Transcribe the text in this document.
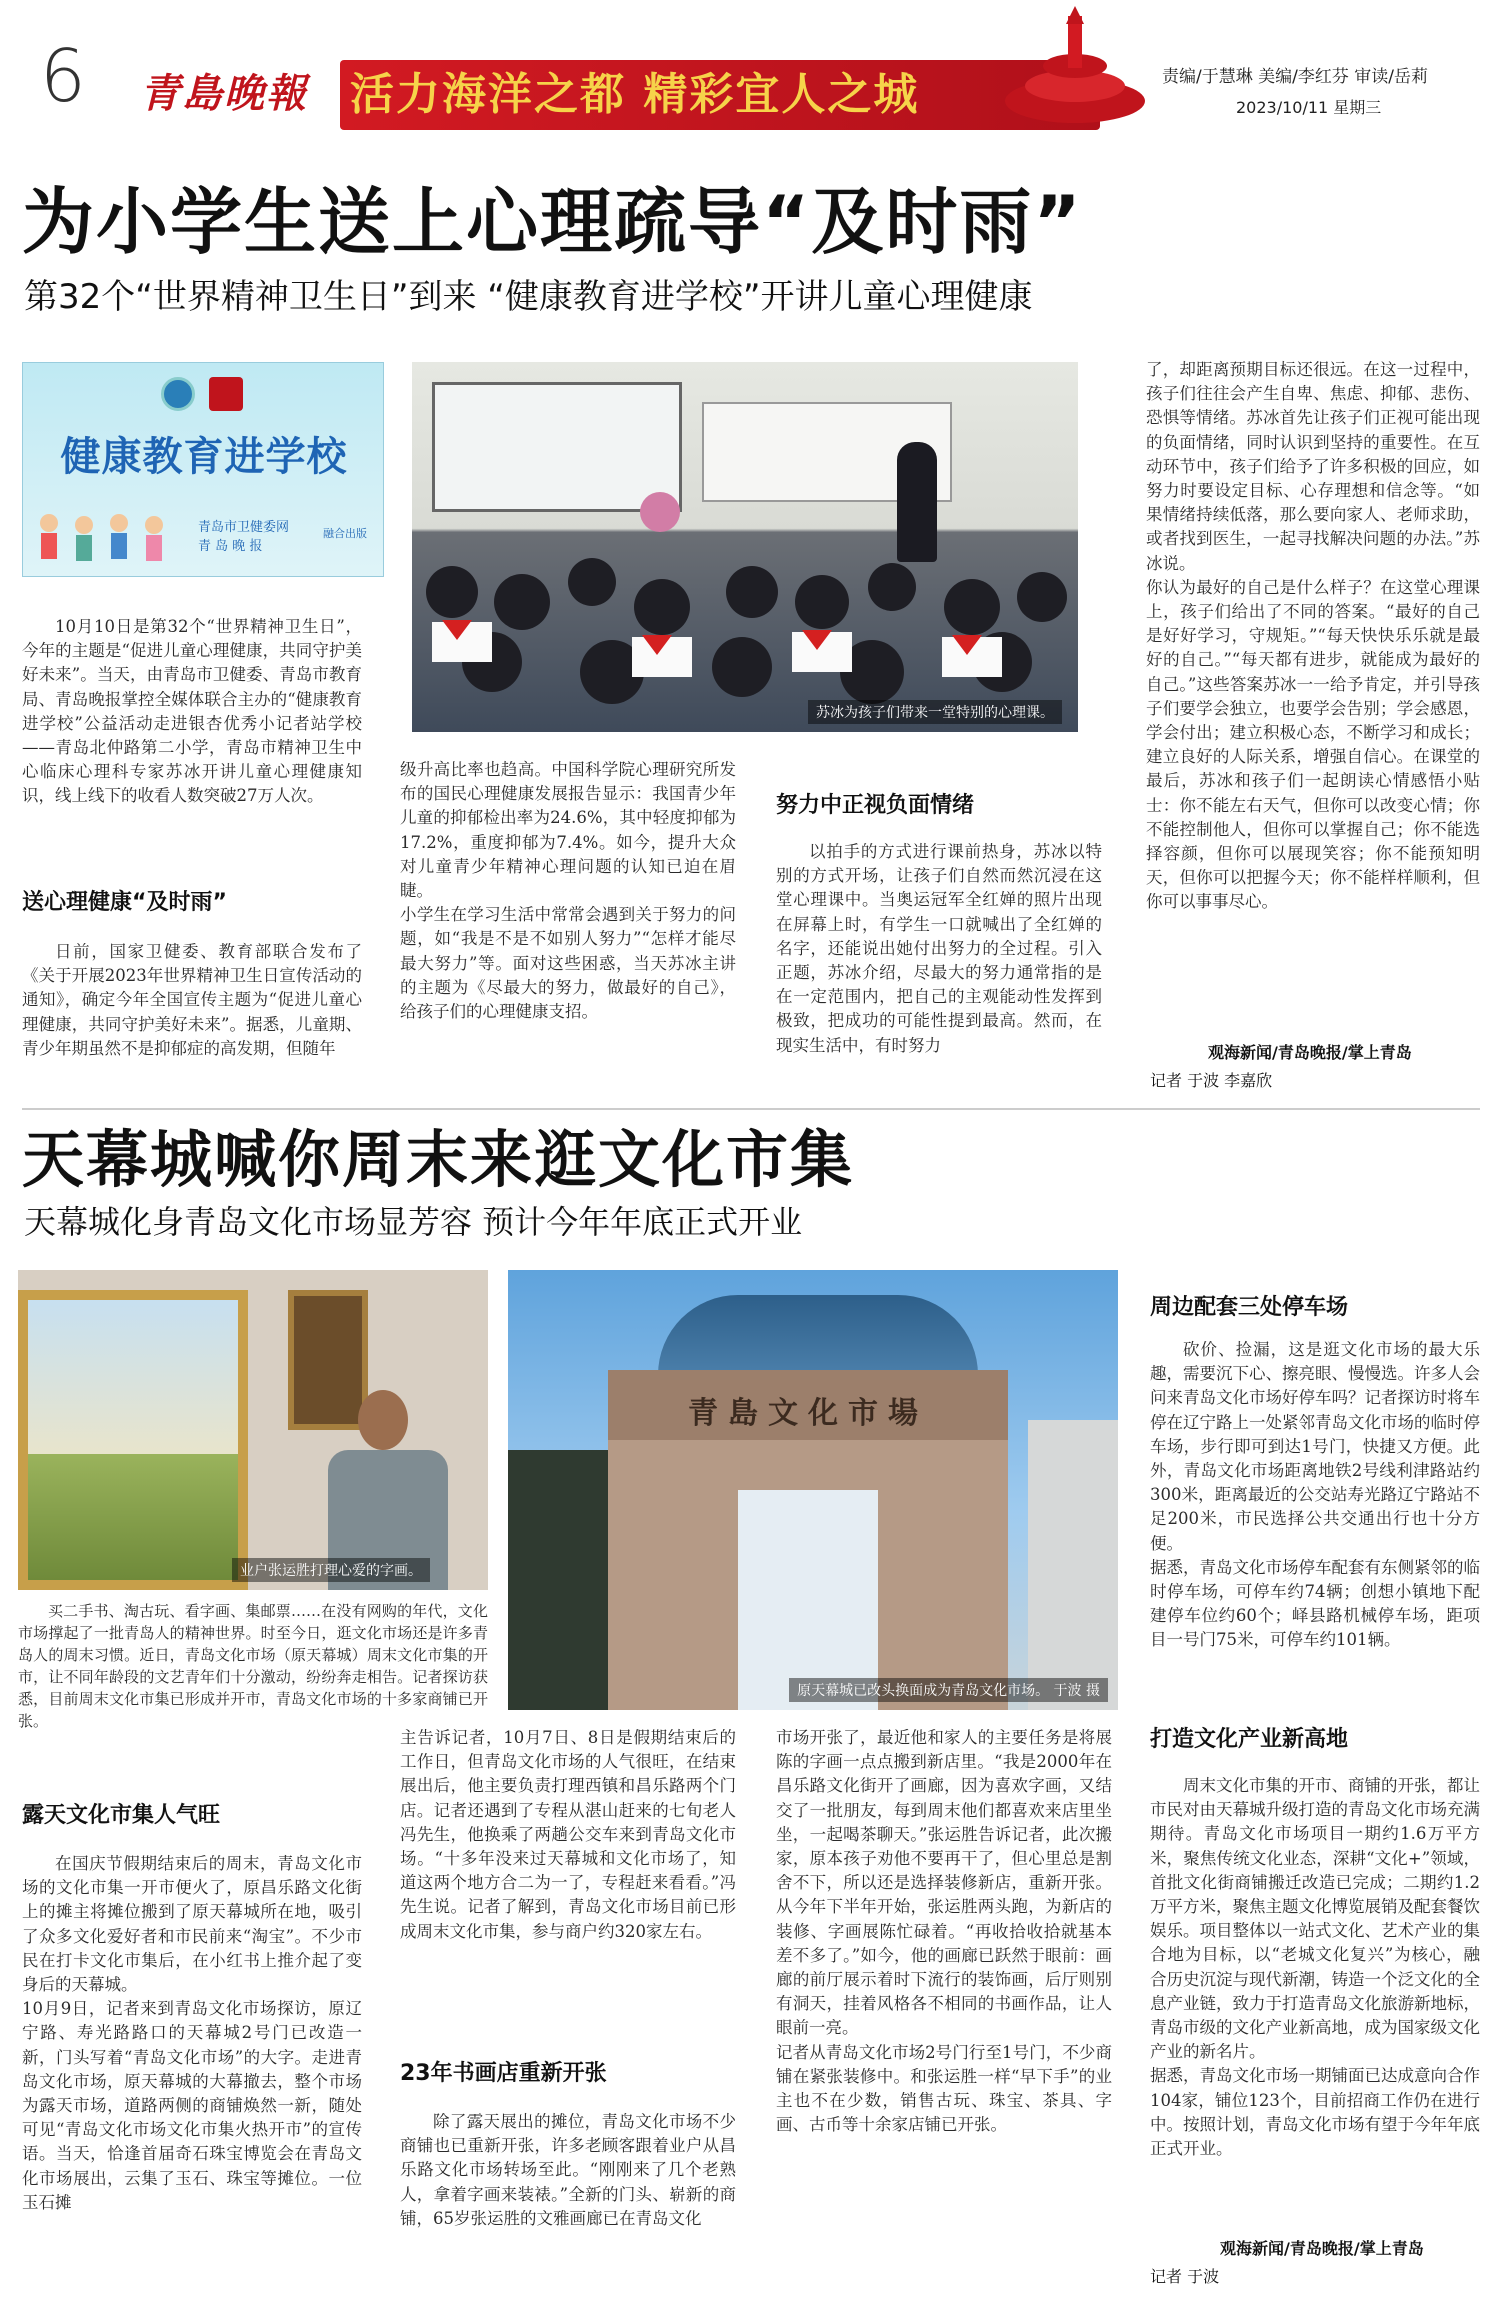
6 青島晚報 活力海洋之都 精彩宜人之城	责编/于慧琳 美编/李红芬 审读/岳莉
2023/10/11 星期三
为小学生送上心理疏导“及时雨”
第32个“世界精神卫生日”到来 “健康教育进学校”开讲儿童心理健康
健康教育进学校
青岛市卫健委网
青 岛 晚 报
融合出版
苏冰为孩子们带来一堂特别的心理课。
10月10日是第32个“世界精神卫生日”，今年的主题是“促进儿童心理健康，共同守护美好未来”。当天，由青岛市卫健委、青岛市教育局、青岛晚报掌控全媒体联合主办的“健康教育进学校”公益活动走进银杏优秀小记者站学校——青岛北仲路第二小学，青岛市精神卫生中心临床心理科专家苏冰开讲儿童心理健康知识，线上线下的收看人数突破27万人次。
送心理健康“及时雨”
日前，国家卫健委、教育部联合发布了《关于开展2023年世界精神卫生日宣传活动的通知》，确定今年全国宣传主题为“促进儿童心理健康，共同守护美好未来”。据悉，儿童期、青少年期虽然不是抑郁症的高发期，但随年
级升高比率也趋高。中国科学院心理研究所发布的国民心理健康发展报告显示：我国青少年儿童的抑郁检出率为24.6%，其中轻度抑郁为17.2%，重度抑郁为7.4%。如今，提升大众对儿童青少年精神心理问题的认知已迫在眉睫。
小学生在学习生活中常常会遇到关于努力的问题，如“我是不是不如别人努力”“怎样才能尽最大努力”等。面对这些困惑，当天苏冰主讲的主题为《尽最大的努力，做最好的自己》，给孩子们的心理健康支招。
努力中正视负面情绪
以拍手的方式进行课前热身，苏冰以特别的方式开场，让孩子们自然而然沉浸在这堂心理课中。当奥运冠军全红婵的照片出现在屏幕上时，有学生一口就喊出了全红婵的名字，还能说出她付出努力的全过程。引入正题，苏冰介绍，尽最大的努力通常指的是在一定范围内，把自己的主观能动性发挥到极致，把成功的可能性提到最高。然而，在现实生活中，有时努力
了，却距离预期目标还很远。在这一过程中，孩子们往往会产生自卑、焦虑、抑郁、悲伤、恐惧等情绪。苏冰首先让孩子们正视可能出现的负面情绪，同时认识到坚持的重要性。在互动环节中，孩子们给予了许多积极的回应，如努力时要设定目标、心存理想和信念等。“如果情绪持续低落，那么要向家人、老师求助，或者找到医生，一起寻找解决问题的办法。”苏冰说。
你认为最好的自己是什么样子？在这堂心理课上，孩子们给出了不同的答案。“最好的自己是好好学习，守规矩。”“每天快快乐乐就是最好的自己。”“每天都有进步，就能成为最好的自己。”这些答案苏冰一一给予肯定，并引导孩子们要学会独立，也要学会告别；学会感恩，学会付出；建立积极心态，不断学习和成长；建立良好的人际关系，增强自信心。在课堂的最后，苏冰和孩子们一起朗读心情感悟小贴士：你不能左右天气，但你可以改变心情；你不能控制他人，但你可以掌握自己；你不能选择容颜，但你可以展现笑容；你不能预知明天，但你可以把握今天；你不能样样顺利，但你可以事事尽心。
观海新闻/青岛晚报/掌上青岛
记者 于波 李嘉欣
天幕城喊你周末来逛文化市集
天幕城化身青岛文化市场显芳容 预计今年年底正式开业
业户张运胜打理心爱的字画。
青島文化市場
原天幕城已改头换面成为青岛文化市场。 于波 摄
买二手书、淘古玩、看字画、集邮票……在没有网购的年代，文化市场撑起了一批青岛人的精神世界。时至今日，逛文化市场还是许多青岛人的周末习惯。近日，青岛文化市场（原天幕城）周末文化市集的开市，让不同年龄段的文艺青年们十分激动，纷纷奔走相告。记者探访获悉，目前周末文化市集已形成并开市，青岛文化市场的十多家商铺已开张。
露天文化市集人气旺
在国庆节假期结束后的周末，青岛文化市场的文化市集一开市便火了，原昌乐路文化街上的摊主将摊位搬到了原天幕城所在地，吸引了众多文化爱好者和市民前来“淘宝”。不少市民在打卡文化市集后，在小红书上推介起了变身后的天幕城。
10月9日，记者来到青岛文化市场探访，原辽宁路、寿光路路口的天幕城2号门已改造一新，门头写着“青岛文化市场”的大字。走进青岛文化市场，原天幕城的大幕撤去，整个市场为露天市场，道路两侧的商铺焕然一新，随处可见“青岛文化市场文化市集火热开市”的宣传语。当天，恰逢首届奇石珠宝博览会在青岛文化市场展出，云集了玉石、珠宝等摊位。一位玉石摊
主告诉记者，10月7日、8日是假期结束后的工作日，但青岛文化市场的人气很旺，在结束展出后，他主要负责打理西镇和昌乐路两个门店。记者还遇到了专程从湛山赶来的七旬老人冯先生，他换乘了两趟公交车来到青岛文化市场。“十多年没来过天幕城和文化市场了，知道这两个地方合二为一了，专程赶来看看。”冯先生说。记者了解到，青岛文化市场目前已形成周末文化市集，参与商户约320家左右。
23年书画店重新开张
除了露天展出的摊位，青岛文化市场不少商铺也已重新开张，许多老顾客跟着业户从昌乐路文化市场转场至此。“刚刚来了几个老熟人，拿着字画来装裱。”全新的门头、崭新的商铺，65岁张运胜的文雅画廊已在青岛文化
市场开张了，最近他和家人的主要任务是将展陈的字画一点点搬到新店里。“我是2000年在昌乐路文化街开了画廊，因为喜欢字画，又结交了一批朋友，每到周末他们都喜欢来店里坐坐，一起喝茶聊天。”张运胜告诉记者，此次搬家，原本孩子劝他不要再干了，但心里总是割舍不下，所以还是选择装修新店，重新开张。从今年下半年开始，张运胜两头跑，为新店的装修、字画展陈忙碌着。“再收拾收拾就基本差不多了。”如今，他的画廊已跃然于眼前：画廊的前厅展示着时下流行的装饰画，后厅则别有洞天，挂着风格各不相同的书画作品，让人眼前一亮。
记者从青岛文化市场2号门行至1号门，不少商铺在紧张装修中。和张运胜一样“早下手”的业主也不在少数，销售古玩、珠宝、茶具、字画、古币等十余家店铺已开张。
周边配套三处停车场
砍价、捡漏，这是逛文化市场的最大乐趣，需要沉下心、擦亮眼、慢慢选。许多人会问来青岛文化市场好停车吗？记者探访时将车停在辽宁路上一处紧邻青岛文化市场的临时停车场，步行即可到达1号门，快捷又方便。此外，青岛文化市场距离地铁2号线利津路站约300米，距离最近的公交站寿光路辽宁路站不足200米，市民选择公共交通出行也十分方便。
据悉，青岛文化市场停车配套有东侧紧邻的临时停车场，可停车约74辆；创想小镇地下配建停车位约60个；峄县路机械停车场，距项目一号门75米，可停车约101辆。
打造文化产业新高地
周末文化市集的开市、商铺的开张，都让市民对由天幕城升级打造的青岛文化市场充满期待。青岛文化市场项目一期约1.6万平方米，聚焦传统文化业态，深耕“文化+”领域，首批文化街商铺搬迁改造已完成；二期约1.2万平方米，聚焦主题文化博览展销及配套餐饮娱乐。项目整体以一站式文化、艺术产业的集合地为目标，以“老城文化复兴”为核心，融合历史沉淀与现代新潮，铸造一个泛文化的全息产业链，致力于打造青岛文化旅游新地标，青岛市级的文化产业新高地，成为国家级文化产业的新名片。
据悉，青岛文化市场一期铺面已达成意向合作104家，铺位123个，目前招商工作仍在进行中。按照计划，青岛文化市场有望于今年年底正式开业。
观海新闻/青岛晚报/掌上青岛
记者 于波
